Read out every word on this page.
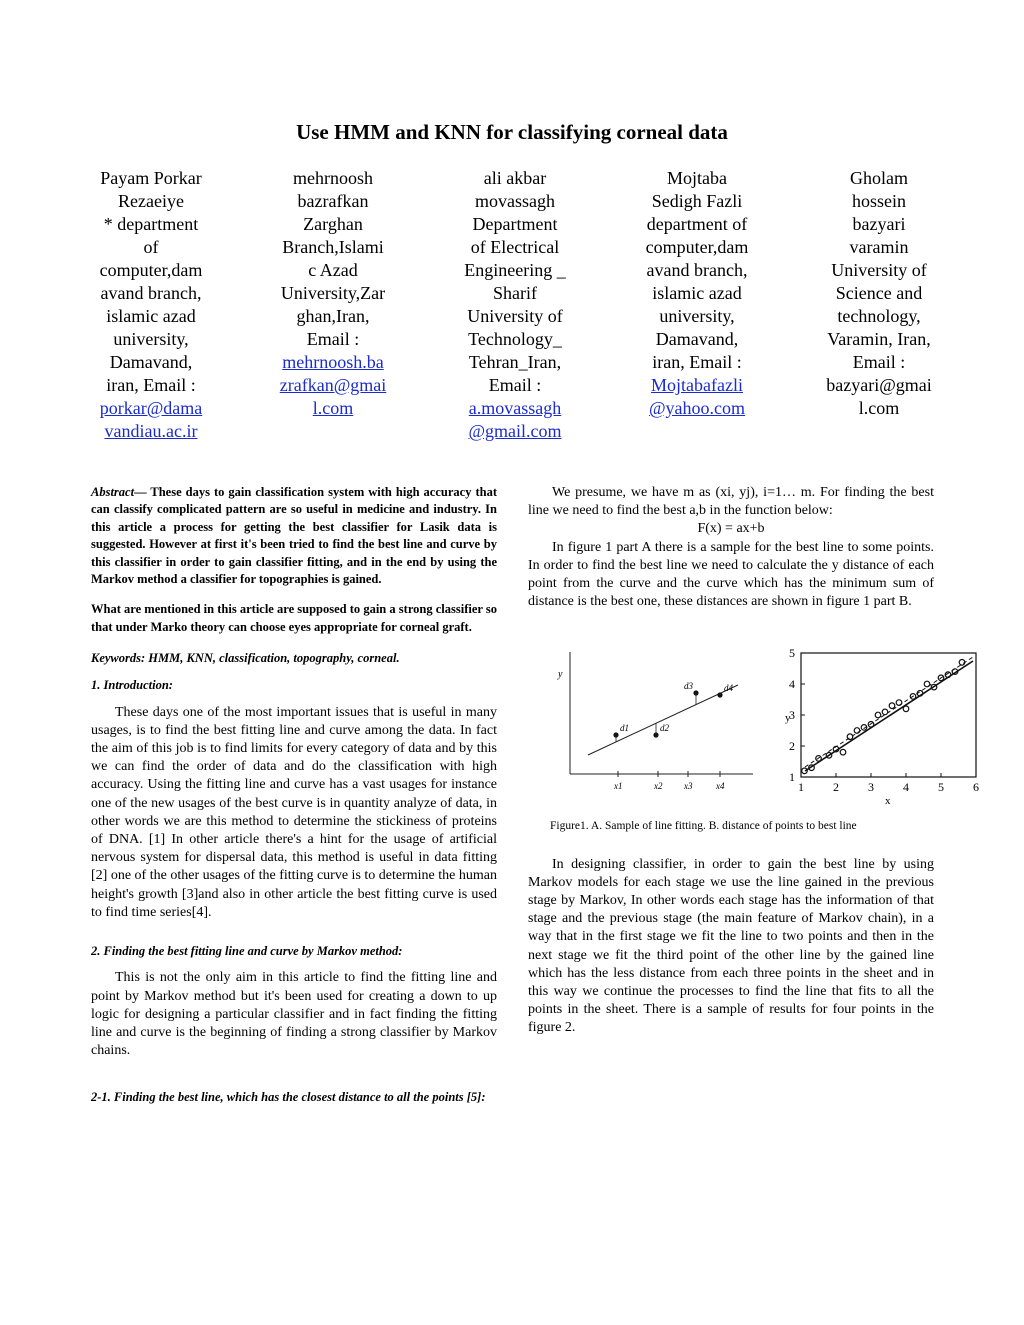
Use HMM and KNN for classifying corneal data
Payam Porkar
Rezaeiye
* department
of
computer,dam
avand branch,
islamic azad
university,
Damavand,
iran, Email :
porkar@dama
vandiau.ac.ir
mehrnoosh
bazrafkan
Zarghan
Branch,Islami
c Azad
University,Zar
ghan,Iran,
Email :
mehrnoosh.ba
zrafkan@gmai
l.com
ali akbar
movassagh
Department
of Electrical
Engineering _
Sharif
University of
Technology_
Tehran_Iran,
Email :
a.movassagh
@gmail.com
Mojtaba
Sedigh Fazli
department of
computer,dam
avand branch,
islamic azad
university,
Damavand,
iran, Email :
Mojtabafazli
@yahoo.com
Gholam
hossein
bazyari
varamin
University of
Science and
technology,
Varamin, Iran,
Email :
bazyari@gmai
l.com

Abstract— These days to gain classification system with high accuracy that can classify complicated pattern are so useful in medicine and industry. In this article a process for getting the best classifier for Lasik data is suggested. However at first it's been tried to find the best line and curve by this classifier in order to gain classifier fitting, and in the end by using the Markov method a classifier for topographies is gained.

What are mentioned in this article are supposed to gain a strong classifier so that under Marko theory can choose eyes appropriate for corneal graft.

Keywords: HMM, KNN, classification, topography, corneal.

1. Introduction:

These days one of the most important issues that is useful in many usages, is to find the best fitting line and curve among the data. In fact the aim of this job is to find limits for every category of data and by this we can find the order of data and do the classification with high accuracy. Using the fitting line and curve has a vast usages for instance one of the new usages of the best curve is in quantity analyze of data, in other words we are this method to determine the stickiness of proteins of DNA. [1] In other article there's a hint for the usage of artificial nervous system for dispersal data, this method is useful in data fitting [2] one of the other usages of the fitting curve is to determine the human height's growth [3]and also in other article the best fitting curve is used to find time series[4].

2. Finding the best fitting line and curve by Markov method:

This is not the only aim in this article to find the fitting line and point by Markov method but it's been used for creating a down to up logic for designing a particular classifier and in fact finding the fitting line and curve is the beginning of finding a strong classifier by Markov chains.

2-1. Finding the best line, which has the closest distance to all the points [5]:

We presume, we have m as (xi, yj), i=1… m. For finding the best line we need to find the best a,b in the function below:

F(x) = ax+b

In figure 1 part A there is a sample for the best line to some points. In order to find the best line we need to calculate the y distance of each point from the curve and the curve which has the minimum sum of distance is the best one, these distances are shown in figure 1 part B.

y
x1	x2 x3	x4
d1	d2
d3	d4
y
x
1 2 3 4 5 6
1
2
3
4
5

Figure1. A. Sample of line fitting. B. distance of points to best line

In designing classifier, in order to gain the best line by using Markov models for each stage we use the line gained in the previous stage by Markov, In other words each stage has the information of that stage and the previous stage (the main feature of Markov chain), in a way that in the first stage we fit the line to two points and then in the next stage we fit the third point of the other line by the gained line which has the less distance from each three points in the sheet and in this way we continue the processes to find the line that fits to all the points in the sheet. There is a sample of results for four points in the figure 2.
